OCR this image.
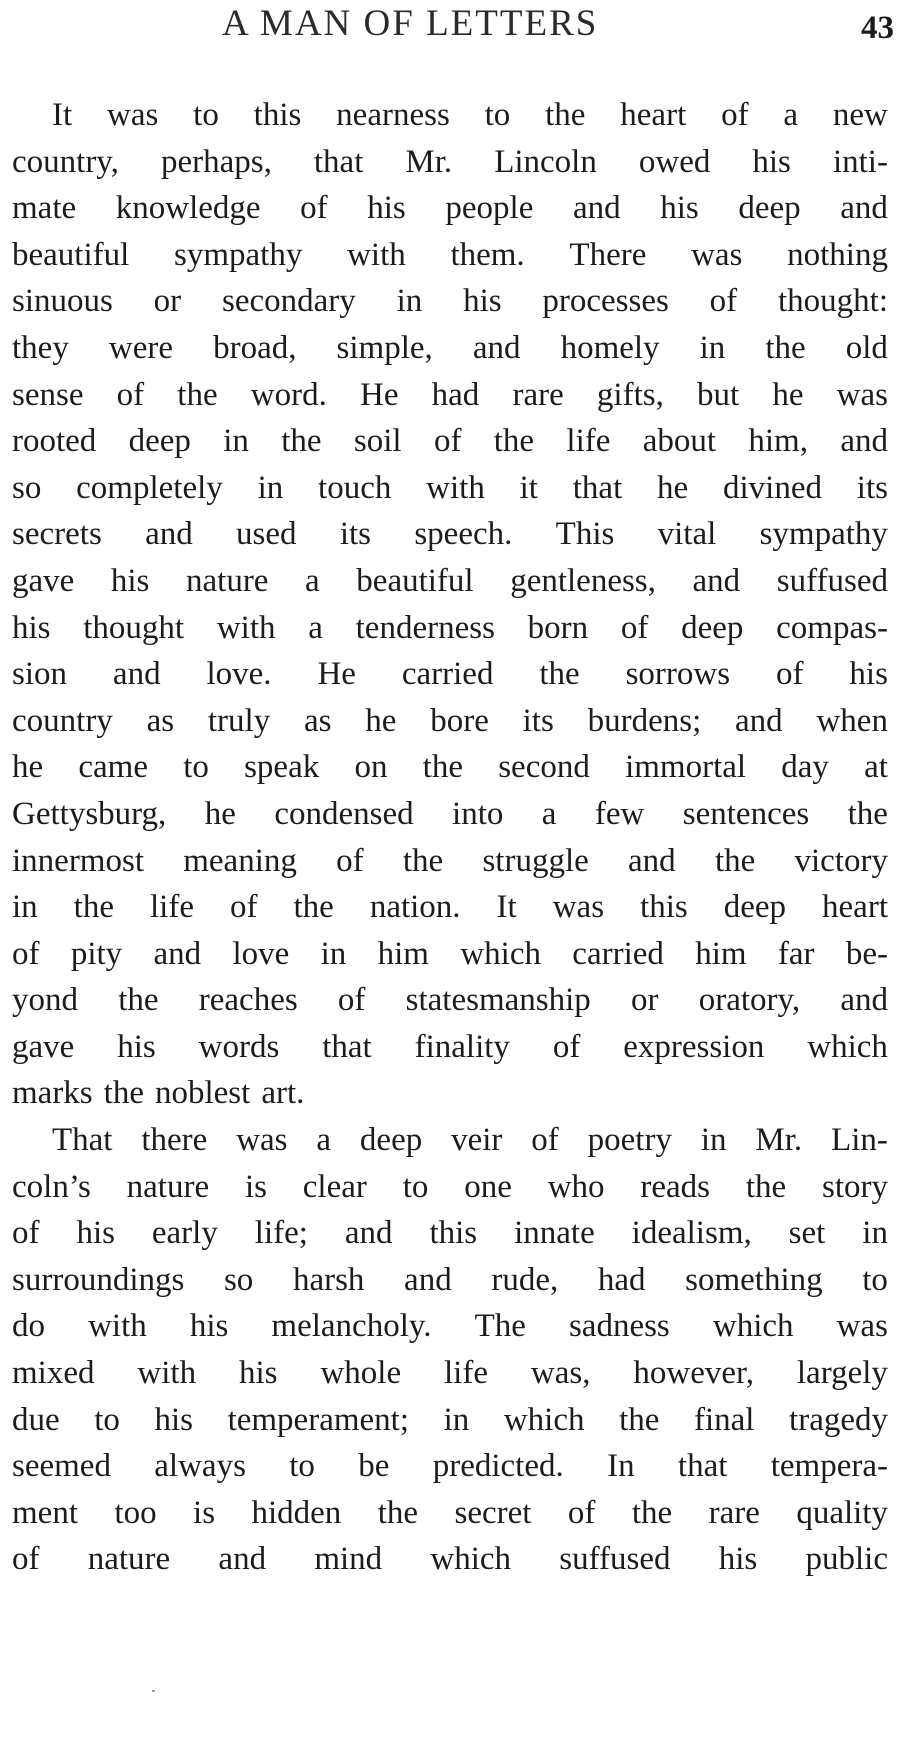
A MAN OF LETTERS	43
It was to this nearness to the heart of a new
country, perhaps, that Mr. Lincoln owed his inti-
mate knowledge of his people and his deep and
beautiful sympathy with them. There was nothing
sinuous or secondary in his processes of thought:
they were broad, simple, and homely in the old
sense of the word. He had rare gifts, but he was
rooted deep in the soil of the life about him, and
so completely in touch with it that he divined its
secrets and used its speech. This vital sympathy
gave his nature a beautiful gentleness, and suffused
his thought with a tenderness born of deep compas-
sion and love. He carried the sorrows of his
country as truly as he bore its burdens; and when
he came to speak on the second immortal day at
Gettysburg, he condensed into a few sentences the
innermost meaning of the struggle and the victory
in the life of the nation. It was this deep heart
of pity and love in him which carried him far be-
yond the reaches of statesmanship or oratory, and
gave his words that finality of expression which
marks the noblest art.
That there was a deep veir of poetry in Mr. Lin-
coln’s nature is clear to one who reads the story
of his early life; and this innate idealism, set in
surroundings so harsh and rude, had something to
do with his melancholy. The sadness which was
mixed with his whole life was, however, largely
due to his temperament; in which the final tragedy
seemed always to be predicted. In that tempera-
ment too is hidden the secret of the rare quality
of nature and mind which suffused his public
